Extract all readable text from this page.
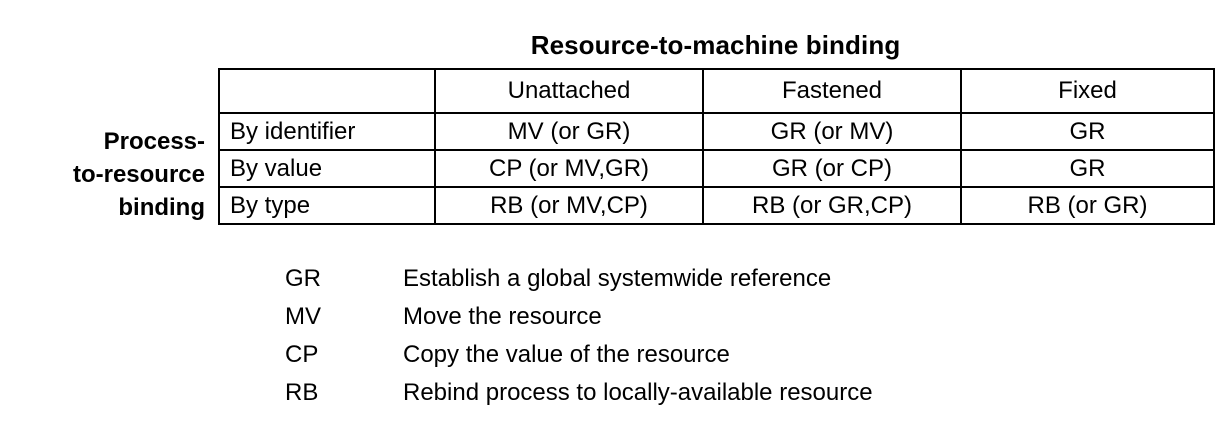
Resource-to-machine binding
Process-
to-resource
binding
	Unattached	Fastened	Fixed
By identifier	MV (or GR)	GR (or MV)	GR
By value	CP (or MV,GR)	GR (or CP)	GR
By type	RB (or MV,CP)	RB (or GR,CP)	RB (or GR)
GR	Establish a global systemwide reference
MV	Move the resource
CP	Copy the value of the resource
RB	Rebind process to locally-available resource
